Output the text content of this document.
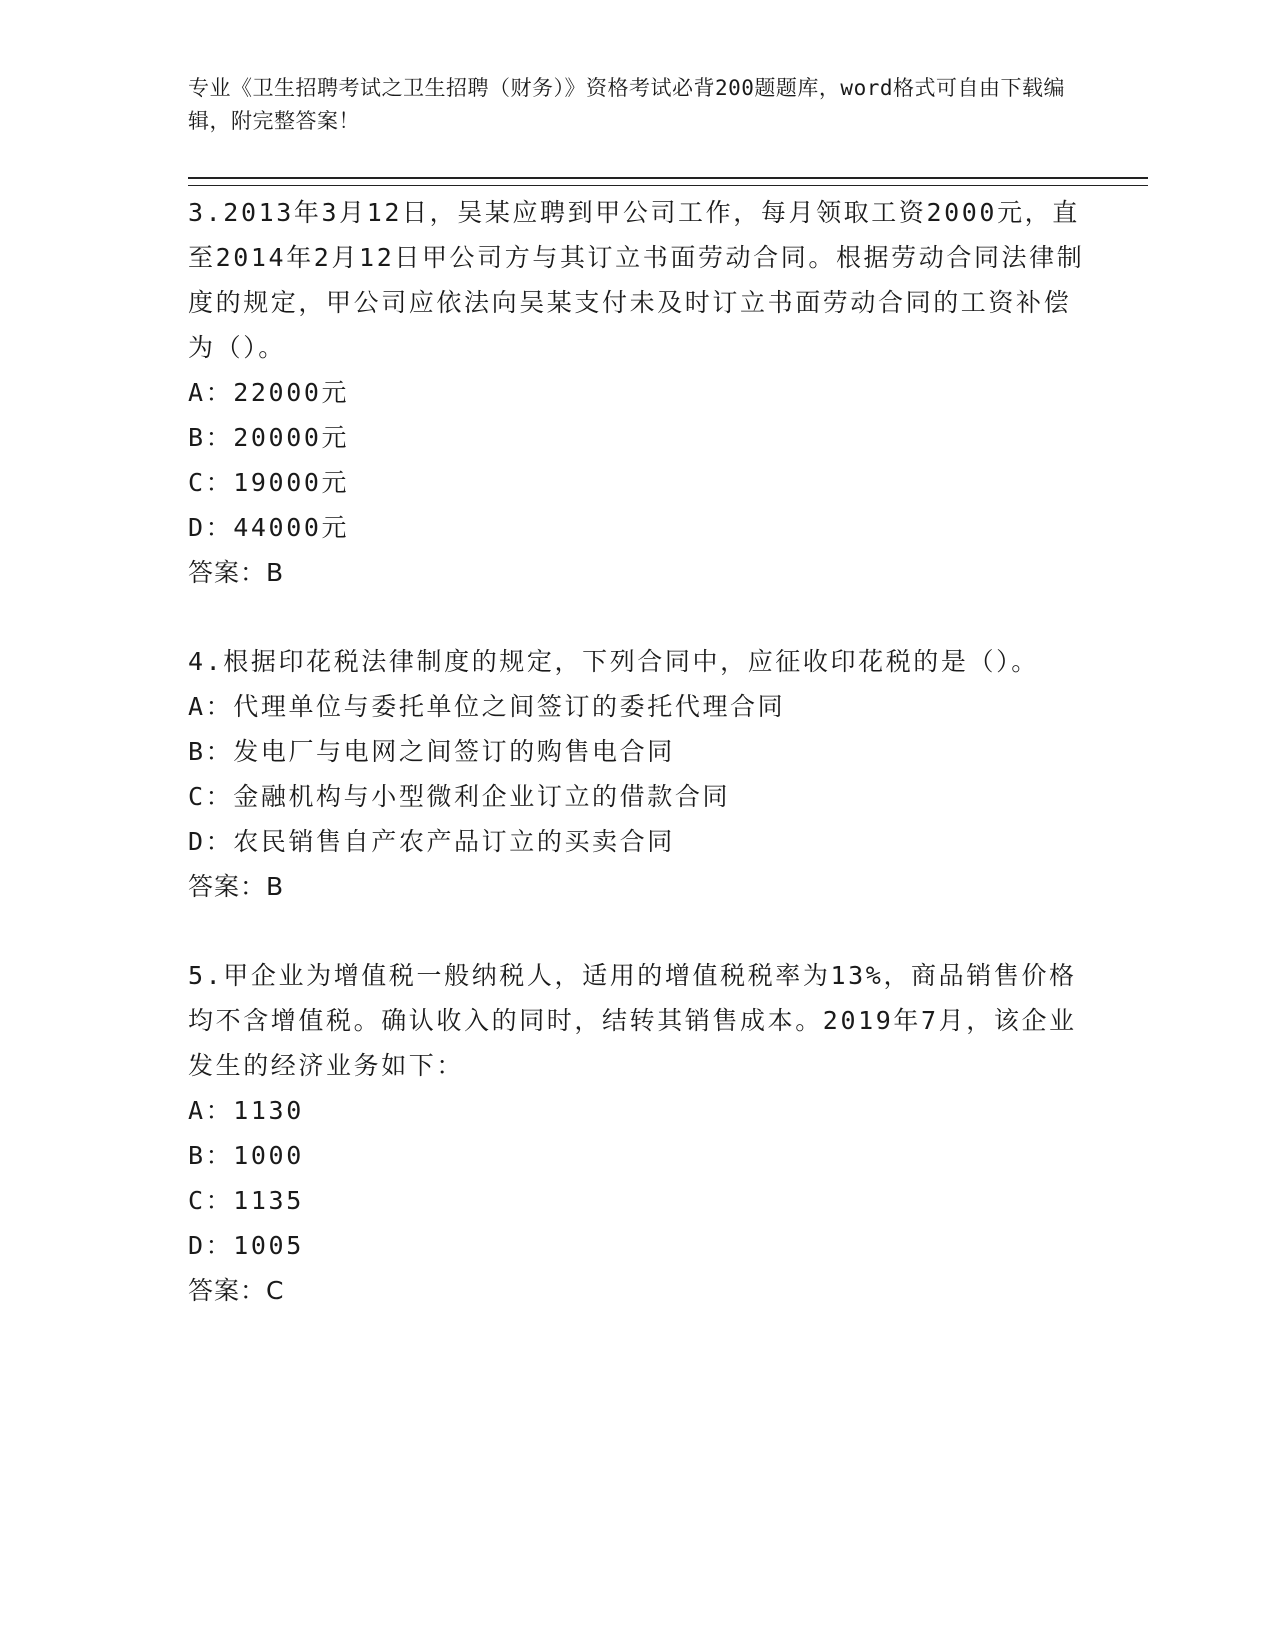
专业《卫生招聘考试之卫生招聘（财务）》资格考试必背200题题库，word格式可自由下载编辑，附完整答案！

3.2013年3月12日，吴某应聘到甲公司工作，每月领取工资2000元，直至2014年2月12日甲公司方与其订立书面劳动合同。根据劳动合同法律制度的规定，甲公司应依法向吴某支付未及时订立书面劳动合同的工资补偿为（）。

A：22000元
B：20000元
C：19000元
D：44000元

答案：B

4.根据印花税法律制度的规定，下列合同中，应征收印花税的是（）。

A：代理单位与委托单位之间签订的委托代理合同
B：发电厂与电网之间签订的购售电合同
C：金融机构与小型微利企业订立的借款合同
D：农民销售自产农产品订立的买卖合同

答案：B

5.甲企业为增值税一般纳税人，适用的增值税税率为13%，商品销售价格均不含增值税。确认收入的同时，结转其销售成本。2019年7月，该企业发生的经济业务如下：

A：1130
B：1000
C：1135
D：1005

答案：C
